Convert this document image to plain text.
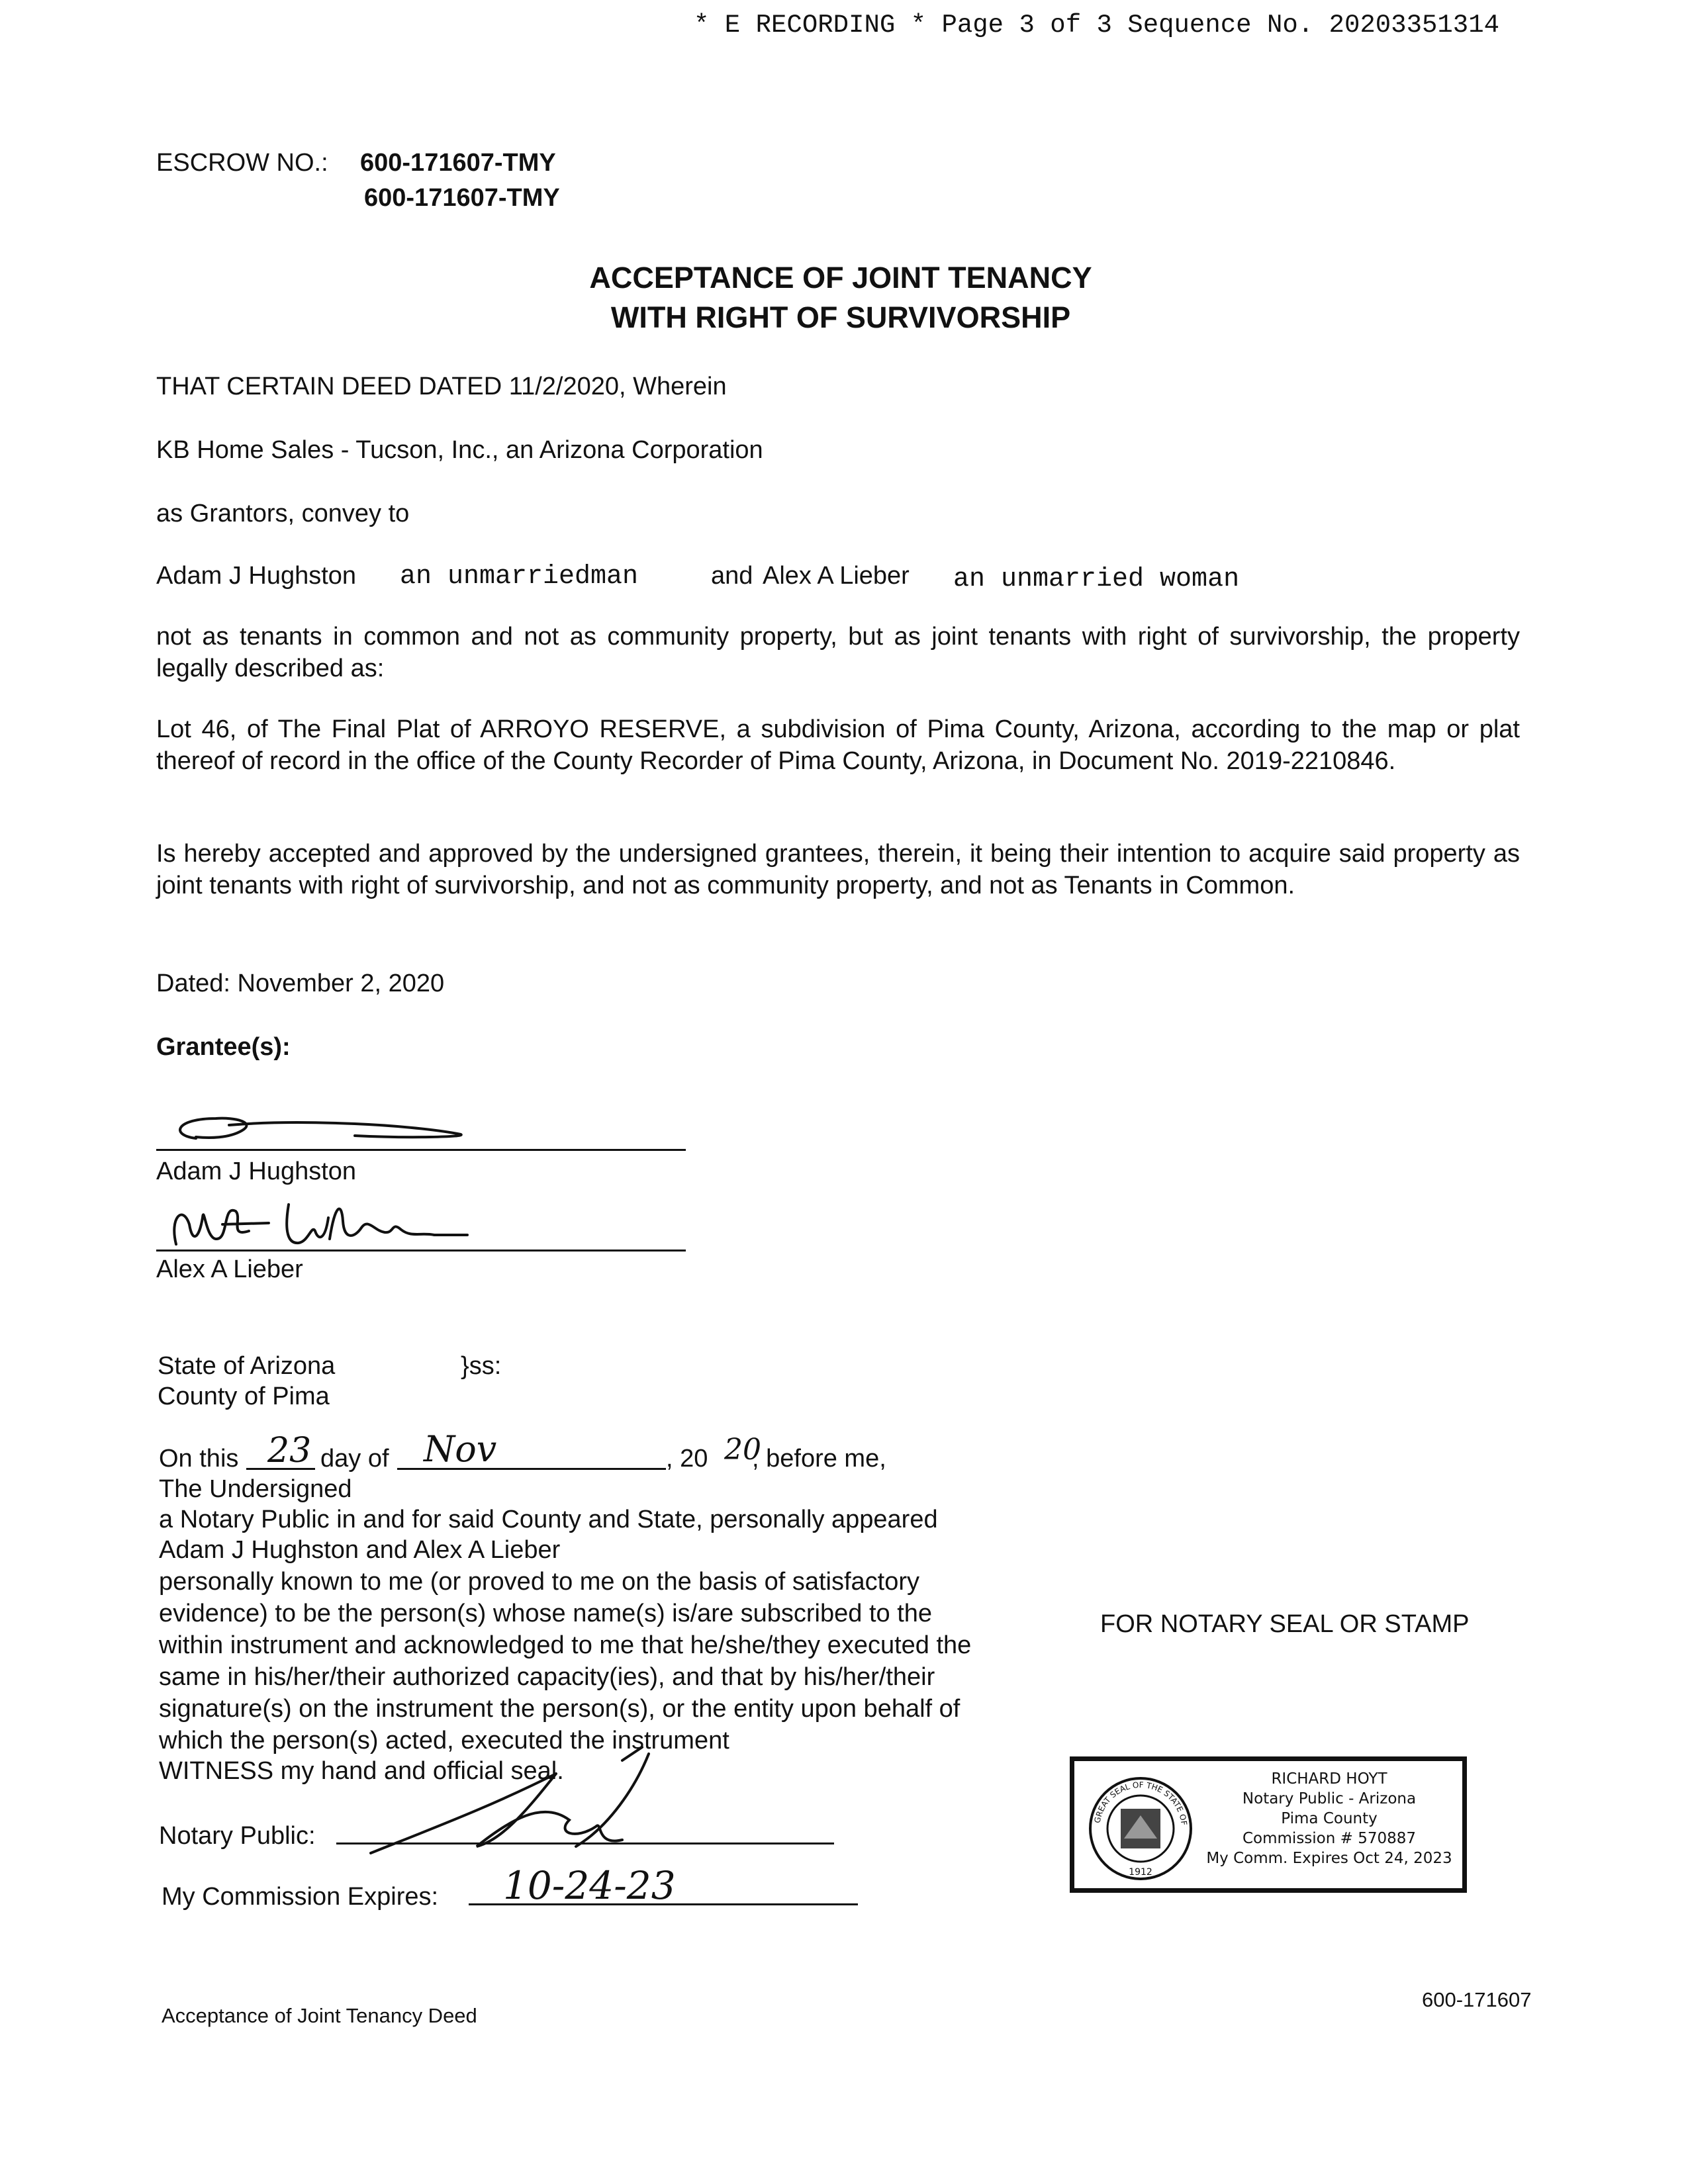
* E RECORDING * Page 3 of 3 Sequence No. 20203351314
ESCROW NO.: 600-171607-TMY
600-171607-TMY
ACCEPTANCE OF JOINT TENANCY
WITH RIGHT OF SURVIVORSHIP
THAT CERTAIN DEED DATED 11/2/2020, Wherein
KB Home Sales - Tucson, Inc., an Arizona Corporation
as Grantors, convey to
Adam J Hughston an unmarriedman	and Alex A Lieber an unmarried woman
not as tenants in common and not as community property, but as joint tenants with right of survivorship, the property legally described as:
Lot 46, of The Final Plat of ARROYO RESERVE, a subdivision of Pima County, Arizona, according to the map or plat thereof of record in the office of the County Recorder of Pima County, Arizona, in Document No. 2019-2210846.
Is hereby accepted and approved by the undersigned grantees, therein, it being their intention to acquire said property as joint tenants with right of survivorship, and not as community property, and not as Tenants in Common.
Dated: November 2, 2020
Grantee(s):
Adam J Hughston
Alex A Lieber
State of Arizona	}ss:
County of Pima
On this 23 day of Nov	, 20 20
, before me,
The Undersigned
a Notary Public in and for said County and State, personally appeared
Adam J Hughston and Alex A Lieber
personally known to me (or proved to me on the basis of satisfactory
evidence) to be the person(s) whose name(s) is/are subscribed to the
within instrument and acknowledged to me that he/she/they executed the
same in his/her/their authorized capacity(ies), and that by his/her/their
signature(s) on the instrument the person(s), or the entity upon behalf of
which the person(s) acted, executed the instrument
WITNESS my hand and official seal.
Notary Public:
My Commission Expires: 10-24-23
FOR NOTARY SEAL OR STAMP
GREAT SEAL OF THE STATE OF ARIZONA
1912
RICHARD HOYT
Notary Public - Arizona
Pima County
Commission # 570887
My Comm. Expires Oct 24, 2023
Acceptance of Joint Tenancy Deed
600-171607
